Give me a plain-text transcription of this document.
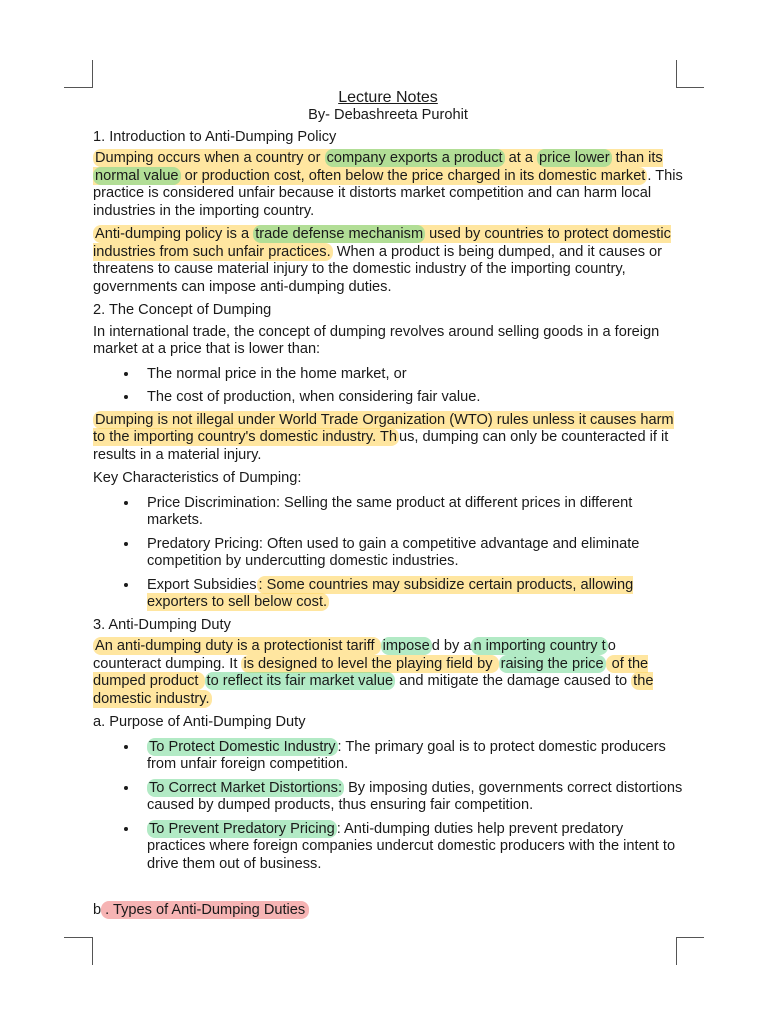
Lecture Notes
By- Debashreeta Purohit
1. Introduction to Anti-Dumping Policy

Dumping occurs when a country or company exports a product at a price lower than its normal value or production cost, often below the price charged in its domestic market . This practice is considered unfair because it distorts market competition and can harm local industries in the importing country.

Anti-dumping policy is a trade defense mechanism used by countries to protect domestic industries from such unfair practices. When a product is being dumped, and it causes or threatens to cause material injury to the domestic industry of the importing country, governments can impose anti-dumping duties.

2. The Concept of Dumping

In international trade, the concept of dumping revolves around selling goods in a foreign market at a price that is lower than:

• The normal price in the home market, or
• The cost of production, when considering fair value.

Dumping is not illegal under World Trade Organization (WTO) rules unless it causes harm to the importing country's domestic industry. Th us, dumping can only be counteracted if it results in a material injury.

Key Characteristics of Dumping:

• Price Discrimination: Selling the same product at different prices in different markets.
• Predatory Pricing: Often used to gain a competitive advantage and eliminate competition by undercutting domestic industries.
• Export Subsidies : Some countries may subsidize certain products, allowing exporters to sell below cost.
3. Anti-Dumping Duty

An anti-dumping duty is a protectionist tariff impose d by a n importing country t o counteract dumping. It is designed to level the playing field by raising the price of the dumped product to reflect its fair market value and mitigate the damage caused to the domestic industry.

a. Purpose of Anti-Dumping Duty

• To Protect Domestic Industry : The primary goal is to protect domestic producers from unfair foreign competition.
• To Correct Market Distortions: By imposing duties, governments correct distortions caused by dumped products, thus ensuring fair competition.
• To Prevent Predatory Pricing : Anti-dumping duties help prevent predatory practices where foreign companies undercut domestic producers with the intent to drive them out of business.

b . Types of Anti-Dumping Duties
